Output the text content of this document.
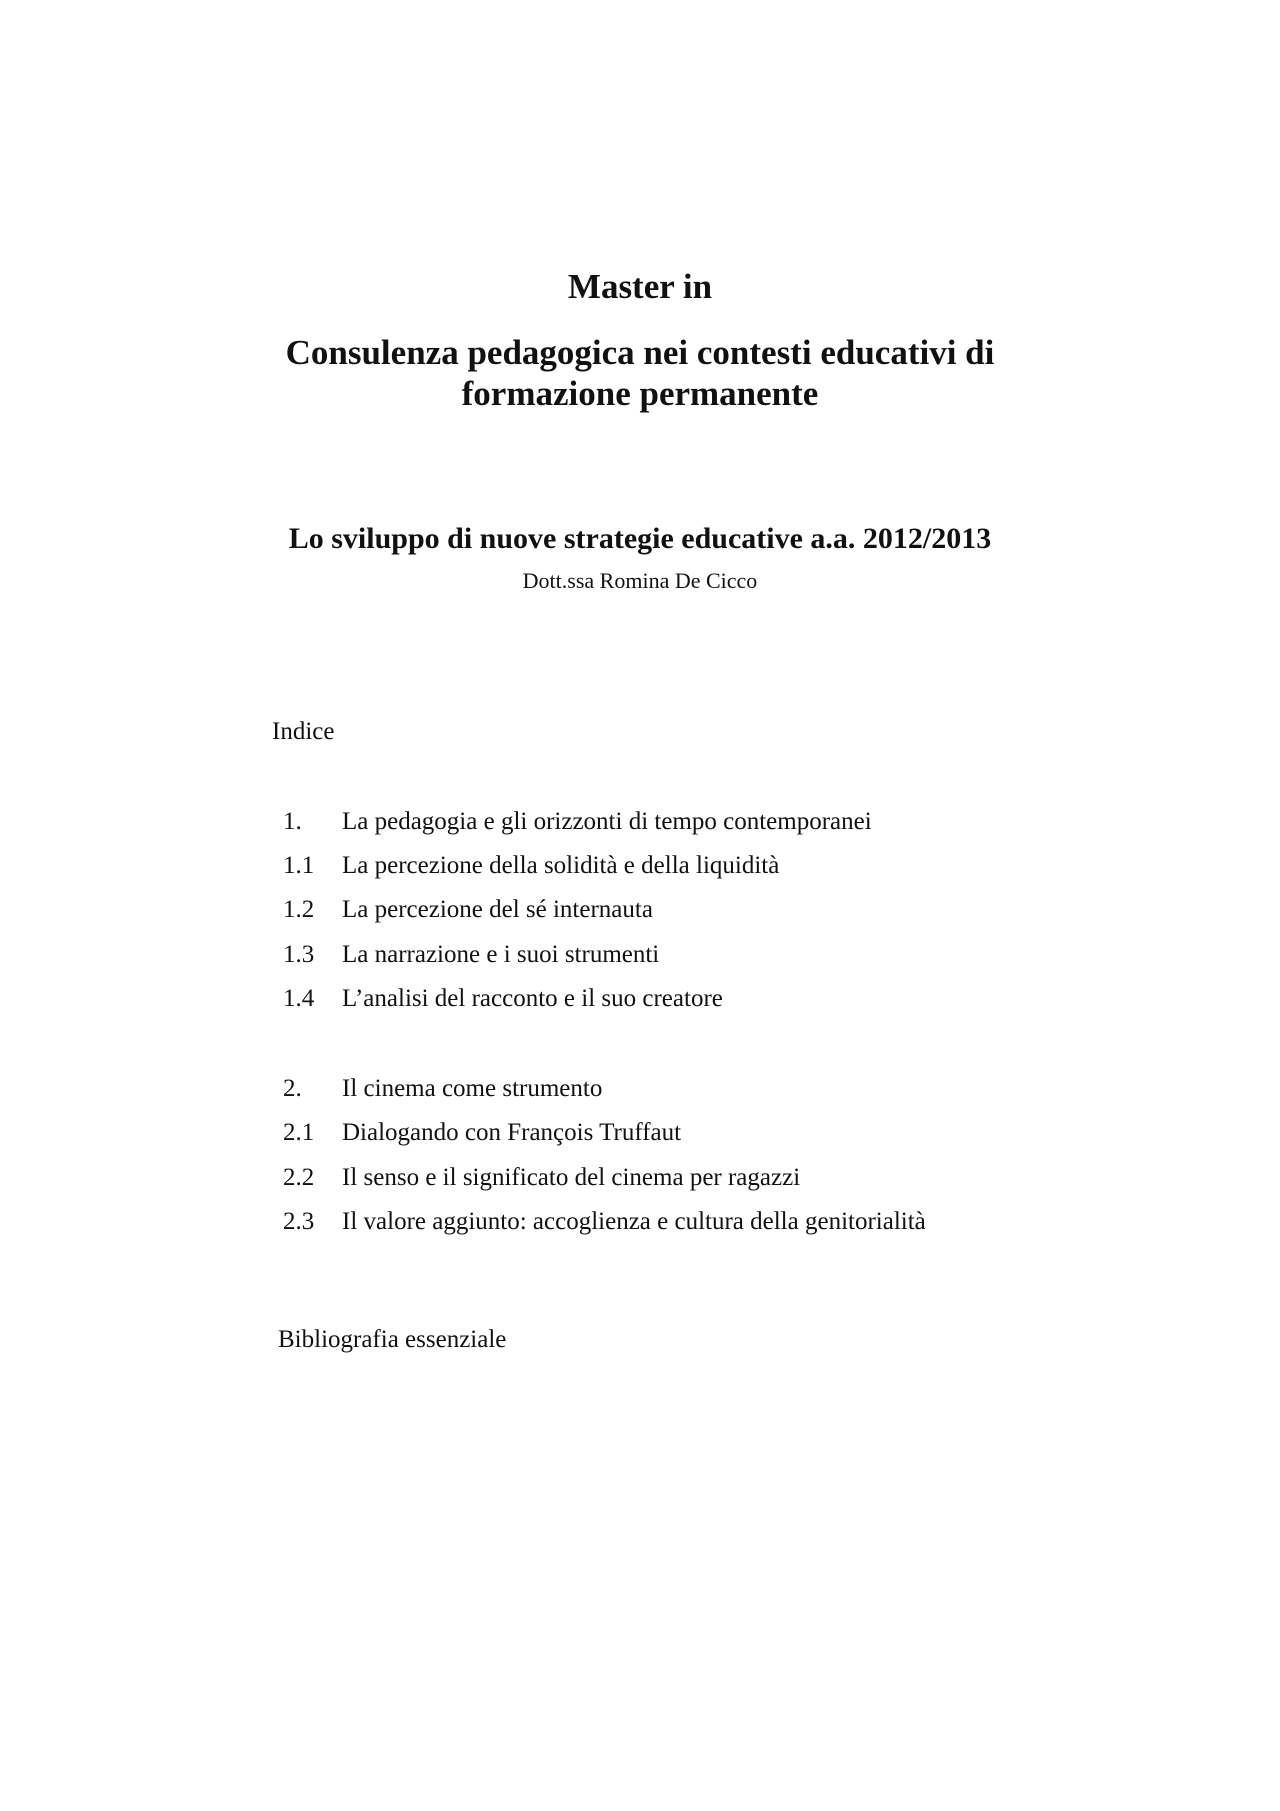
Master in
Consulenza pedagogica nei contesti educativi di
formazione permanente
Lo sviluppo di nuove strategie educative a.a. 2012/2013
Dott.ssa Romina De Cicco
Indice
1. La pedagogia e gli orizzonti di tempo contemporanei
1.1 La percezione della solidità e della liquidità
1.2 La percezione del sé internauta
1.3 La narrazione e i suoi strumenti
1.4 L’analisi del racconto e il suo creatore
2. Il cinema come strumento
2.1 Dialogando con François Truffaut
2.2 Il senso e il significato del cinema per ragazzi
2.3 Il valore aggiunto: accoglienza e cultura della genitorialità
Bibliografia essenziale
